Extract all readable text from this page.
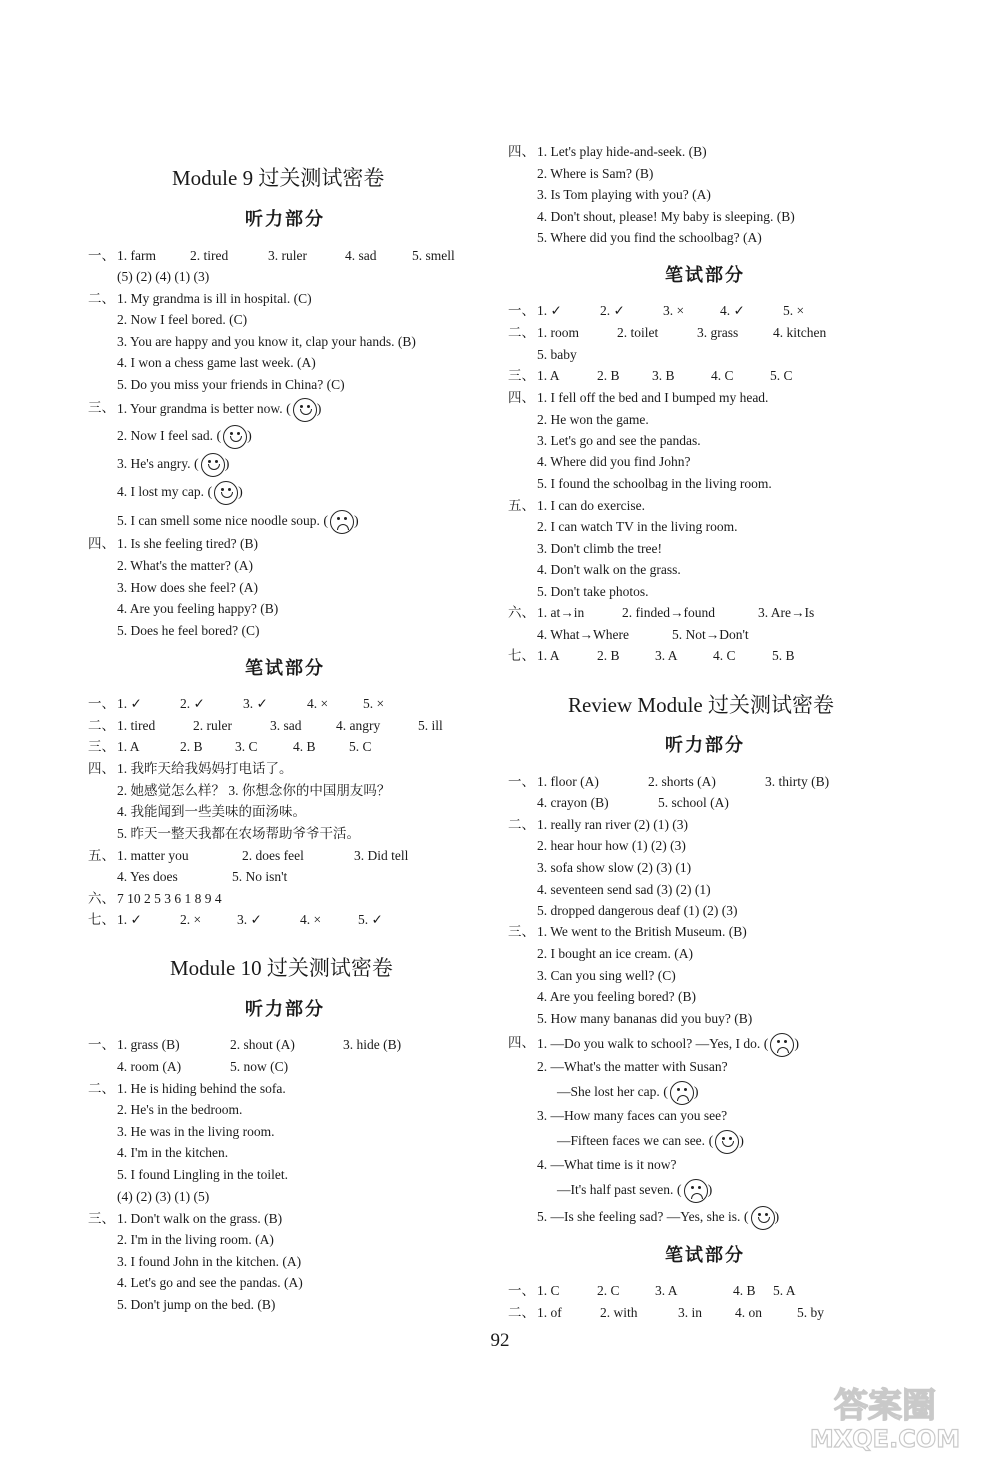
Module 9 过关测试密卷
听力部分
一、 1. farm	2. tired	3. ruler	4. sad	5. smell
(5) (2) (4) (1) (3)
二、 1. My grandma is ill in hospital. (C)
2. Now I feel bored. (C)
3. You are happy and you know it, clap your hands. (B)
4. I won a chess game last week. (A)
5. Do you miss your friends in China? (C)
三、 1. Your grandma is better now. ( )
2. Now I feel sad. ( )
3. He's angry. ( )
4. I lost my cap. ( )
5. I can smell some nice noodle soup. ( )
四、 1. Is she feeling tired? (B)
2. What's the matter? (A)
3. How does she feel? (A)
4. Are you feeling happy? (B)
5. Does he feel bored? (C)
笔试部分
一、 1. ✓	2. ✓	3. ✓	4. ×	5. ×
二、 1. tired	2. ruler	3. sad	4. angry	5. ill
三、 1. A	2. B 3. C	4. B 5. C
四、 1. 我昨天给我妈妈打电话了。
2. 她感觉怎么样？ 3. 你想念你的中国朋友吗？
4. 我能闻到一些美味的面汤味。
5. 昨天一整天我都在农场帮助爷爷干活。
五、 1. matter you	2. does feel	3. Did tell
4. Yes does	5. No isn't
六、 7 10 2 5 3 6 1 8 9 4
七、 1. ✓	2. ×	3. ✓	4. ×	5. ✓
Module 10 过关测试密卷
听力部分
一、 1. grass (B)	2. shout (A)	3. hide (B)
4. room (A)	5. now (C)
二、 1. He is hiding behind the sofa.
2. He's in the bedroom.
3. He was in the living room.
4. I'm in the kitchen.
5. I found Lingling in the toilet.
(4) (2) (3) (1) (5)
三、 1. Don't walk on the grass. (B)
2. I'm in the living room. (A)
3. I found John in the kitchen. (A)
4. Let's go and see the pandas. (A)
5. Don't jump on the bed. (B)
四、 1. Let's play hide-and-seek. (B)
2. Where is Sam? (B)
3. Is Tom playing with you? (A)
4. Don't shout, please! My baby is sleeping. (B)
5. Where did you find the schoolbag? (A)
笔试部分
一、 1. ✓	2. ✓	3. ×	4. ✓	5. ×
二、 1. room	2. toilet	3. grass	4. kitchen
5. baby
三、 1. A	2. B 3. B	4. C	5. C
四、 1. I fell off the bed and I bumped my head.
2. He won the game.
3. Let's go and see the pandas.
4. Where did you find John?
5. I found the schoolbag in the living room.
五、 1. I can do exercise.
2. I can watch TV in the living room.
3. Don't climb the tree!
4. Don't walk on the grass.
5. Don't take photos.
六、 1. at→in	2. finded→found	3. Are→Is
4. What→Where	5. Not→Don't
七、 1. A	2. B	3. A	4. C	5. B
Review Module 过关测试密卷
听力部分
一、 1. floor (A)	2. shorts (A)	3. thirty (B)
4. crayon (B)	5. school (A)
二、 1. really ran river (2) (1) (3)
2. hear hour how (1) (2) (3)
3. sofa show slow (2) (3) (1)
4. seventeen send sad (3) (2) (1)
5. dropped dangerous deaf (1) (2) (3)
三、 1. We went to the British Museum. (B)
2. I bought an ice cream. (A)
3. Can you sing well? (C)
4. Are you feeling bored? (B)
5. How many bananas did you buy? (B)
四、 1. —Do you walk to school? —Yes, I do. ( )
2. —What's the matter with Susan?
—She lost her cap. ( )
3. —How many faces can you see?
—Fifteen faces we can see. ( )
4. —What time is it now?
—It's half past seven. ( )
5. —Is she feeling sad? —Yes, she is. ( )
笔试部分
一、 1. C	2. C	3. A	4. B 5. A
二、 1. of	2. with	3. in 4. on	5. by
92
答案圈
MXQE.COM
